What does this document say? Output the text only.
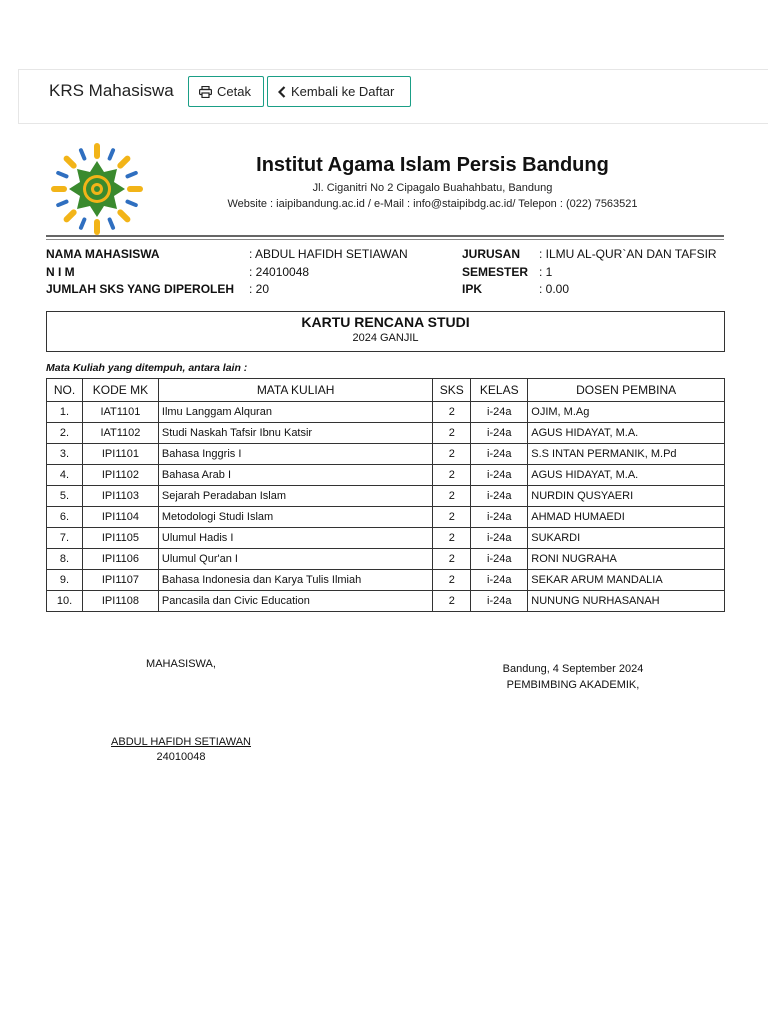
KRS Mahasiswa	Cetak	Kembali ke Daftar
Institut Agama Islam Persis Bandung
Jl. Ciganitri No 2 Cipagalo Buahahbatu, Bandung
Website : iaipibandung.ac.id / e-Mail : info@staipibdg.ac.id/ Telepon : (022) 7563521
NAMA MAHASISWA	: ABDUL HAFIDH SETIAWAN	JURUSAN : ILMU AL-QUR`AN DAN TAFSIR
N I M	: 24010048	SEMESTER : 1
JUMLAH SKS YANG DIPEROLEH : 20	IPK	: 0.00
KARTU RENCANA STUDI
2024 GANJIL
Mata Kuliah yang ditempuh, antara lain :
NO.	KODE MK	MATA KULIAH	SKS	KELAS	DOSEN PEMBINA
1.	IAT1101	Ilmu Langgam Alquran	2	i-24a	OJIM, M.Ag
2.	IAT1102	Studi Naskah Tafsir Ibnu Katsir	2	i-24a	AGUS HIDAYAT, M.A.
3.	IPI1101	Bahasa Inggris I	2	i-24a	S.S INTAN PERMANIK, M.Pd
4.	IPI1102	Bahasa Arab I	2	i-24a	AGUS HIDAYAT, M.A.
5.	IPI1103	Sejarah Peradaban Islam	2	i-24a	NURDIN QUSYAERI
6.	IPI1104	Metodologi Studi Islam	2	i-24a	AHMAD HUMAEDI
7.	IPI1105	Ulumul Hadis I	2	i-24a	SUKARDI
8.	IPI1106	Ulumul Qur'an I	2	i-24a	RONI NUGRAHA
9.	IPI1107	Bahasa Indonesia dan Karya Tulis Ilmiah	2	i-24a	SEKAR ARUM MANDALIA
10.	IPI1108	Pancasila dan Civic Education	2	i-24a	NUNUNG NURHASANAH
MAHASISWA,	Bandung, 4 September 2024
PEMBIMBING AKADEMIK,
ABDUL HAFIDH SETIAWAN
24010048
